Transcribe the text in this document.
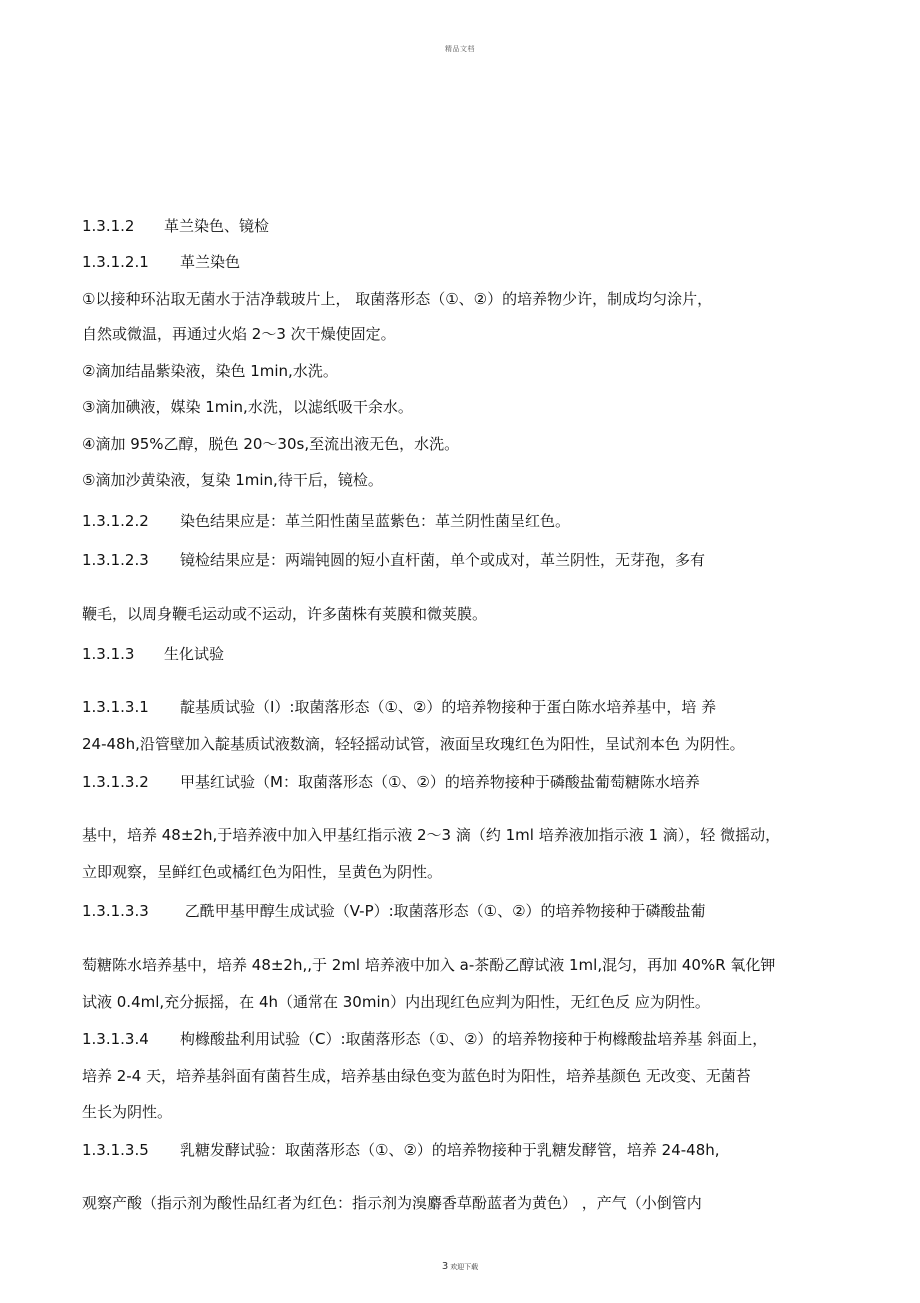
精品文档
1.3.1.2 革兰染色、镜检
1.3.1.2.1 革兰染色
①以接种环沾取无菌水于洁净载玻片上， 取菌落形态（①、②）的培养物少许，制成均匀涂片，
自然或微温，再通过火焰 2～3 次干燥使固定。
②滴加结晶紫染液，染色 1min,水洗。
③滴加碘液，媒染 1min,水洗，以滤纸吸干余水。
④滴加 95%乙醇，脱色 20～30s,至流出液无色，水洗。
⑤滴加沙黄染液，复染 1min,待干后，镜检。
1.3.1.2.2 染色结果应是：革兰阳性菌呈蓝紫色：革兰阴性菌呈红色。
1.3.1.2.3 镜检结果应是：两端钝圆的短小直杆菌，单个或成对，革兰阴性，无芽孢，多有
鞭毛，以周身鞭毛运动或不运动，许多菌株有荚膜和微荚膜。
1.3.1.3 生化试验
1.3.1.3.1 靛基质试验（I）:取菌落形态（①、②）的培养物接种于蛋白陈水培养基中，培 养
24-48h,沿管壁加入靛基质试液数滴，轻轻摇动试管，液面呈玫瑰红色为阳性，呈试剂本色 为阴性。
1.3.1.3.2 甲基红试验（M：取菌落形态（①、②）的培养物接种于磷酸盐葡萄糖陈水培养
基中，培养 48±2h,于培养液中加入甲基红指示液 2～3 滴（约 1ml 培养液加指示液 1 滴），轻 微摇动，
立即观察，呈鲜红色或橘红色为阳性，呈黄色为阴性。
1.3.1.3.3 乙酰甲基甲醇生成试验（V-P）:取菌落形态（①、②）的培养物接种于磷酸盐葡
萄糖陈水培养基中，培养 48±2h,,于 2ml 培养液中加入 a-茶酚乙醇试液 1ml,混匀，再加 40%R 氧化钾
试液 0.4ml,充分振摇，在 4h（通常在 30min）内出现红色应判为阳性，无红色反 应为阴性。
1.3.1.3.4 枸橼酸盐利用试验（C）:取菌落形态（①、②）的培养物接种于枸橼酸盐培养基 斜面上，
培养 2-4 天，培养基斜面有菌苔生成，培养基由绿色变为蓝色时为阳性，培养基颜色 无改变、无菌苔
生长为阴性。
1.3.1.3.5 乳糖发酵试验：取菌落形态（①、②）的培养物接种于乳糖发酵管，培养 24-48h,
观察产酸（指示剂为酸性品红者为红色：指示剂为溴麝香草酚蓝者为黄色） ，产气（小倒管内
3 欢迎下载
